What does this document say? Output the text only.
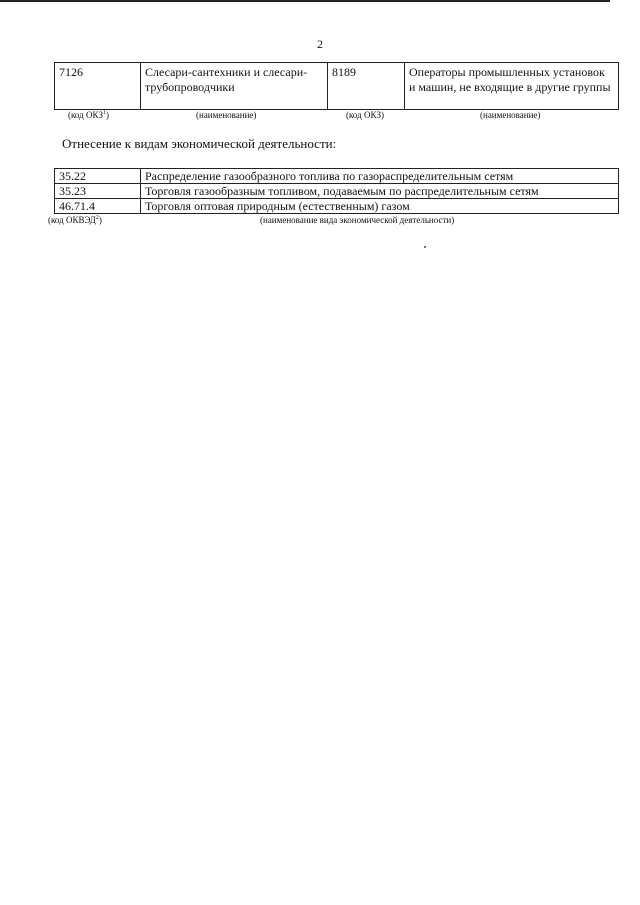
2
7126	Слесари-сантехники и слесари-трубопроводчики	8189	Операторы промышленных установок и машин, не входящие в другие группы
(код ОКЗ$^1$)	(наименование)	(код ОКЗ)	(наименование)
Отнесение к видам экономической деятельности:
35.22	Распределение газообразного топлива по газораспределительным сетям
35.23	Торговля газообразным топливом, подаваемым по распределительным сетям
46.71.4	Торговля оптовая природным (естественным) газом
(код ОКВЭД$^2$)	(наименование вида экономической деятельности)
